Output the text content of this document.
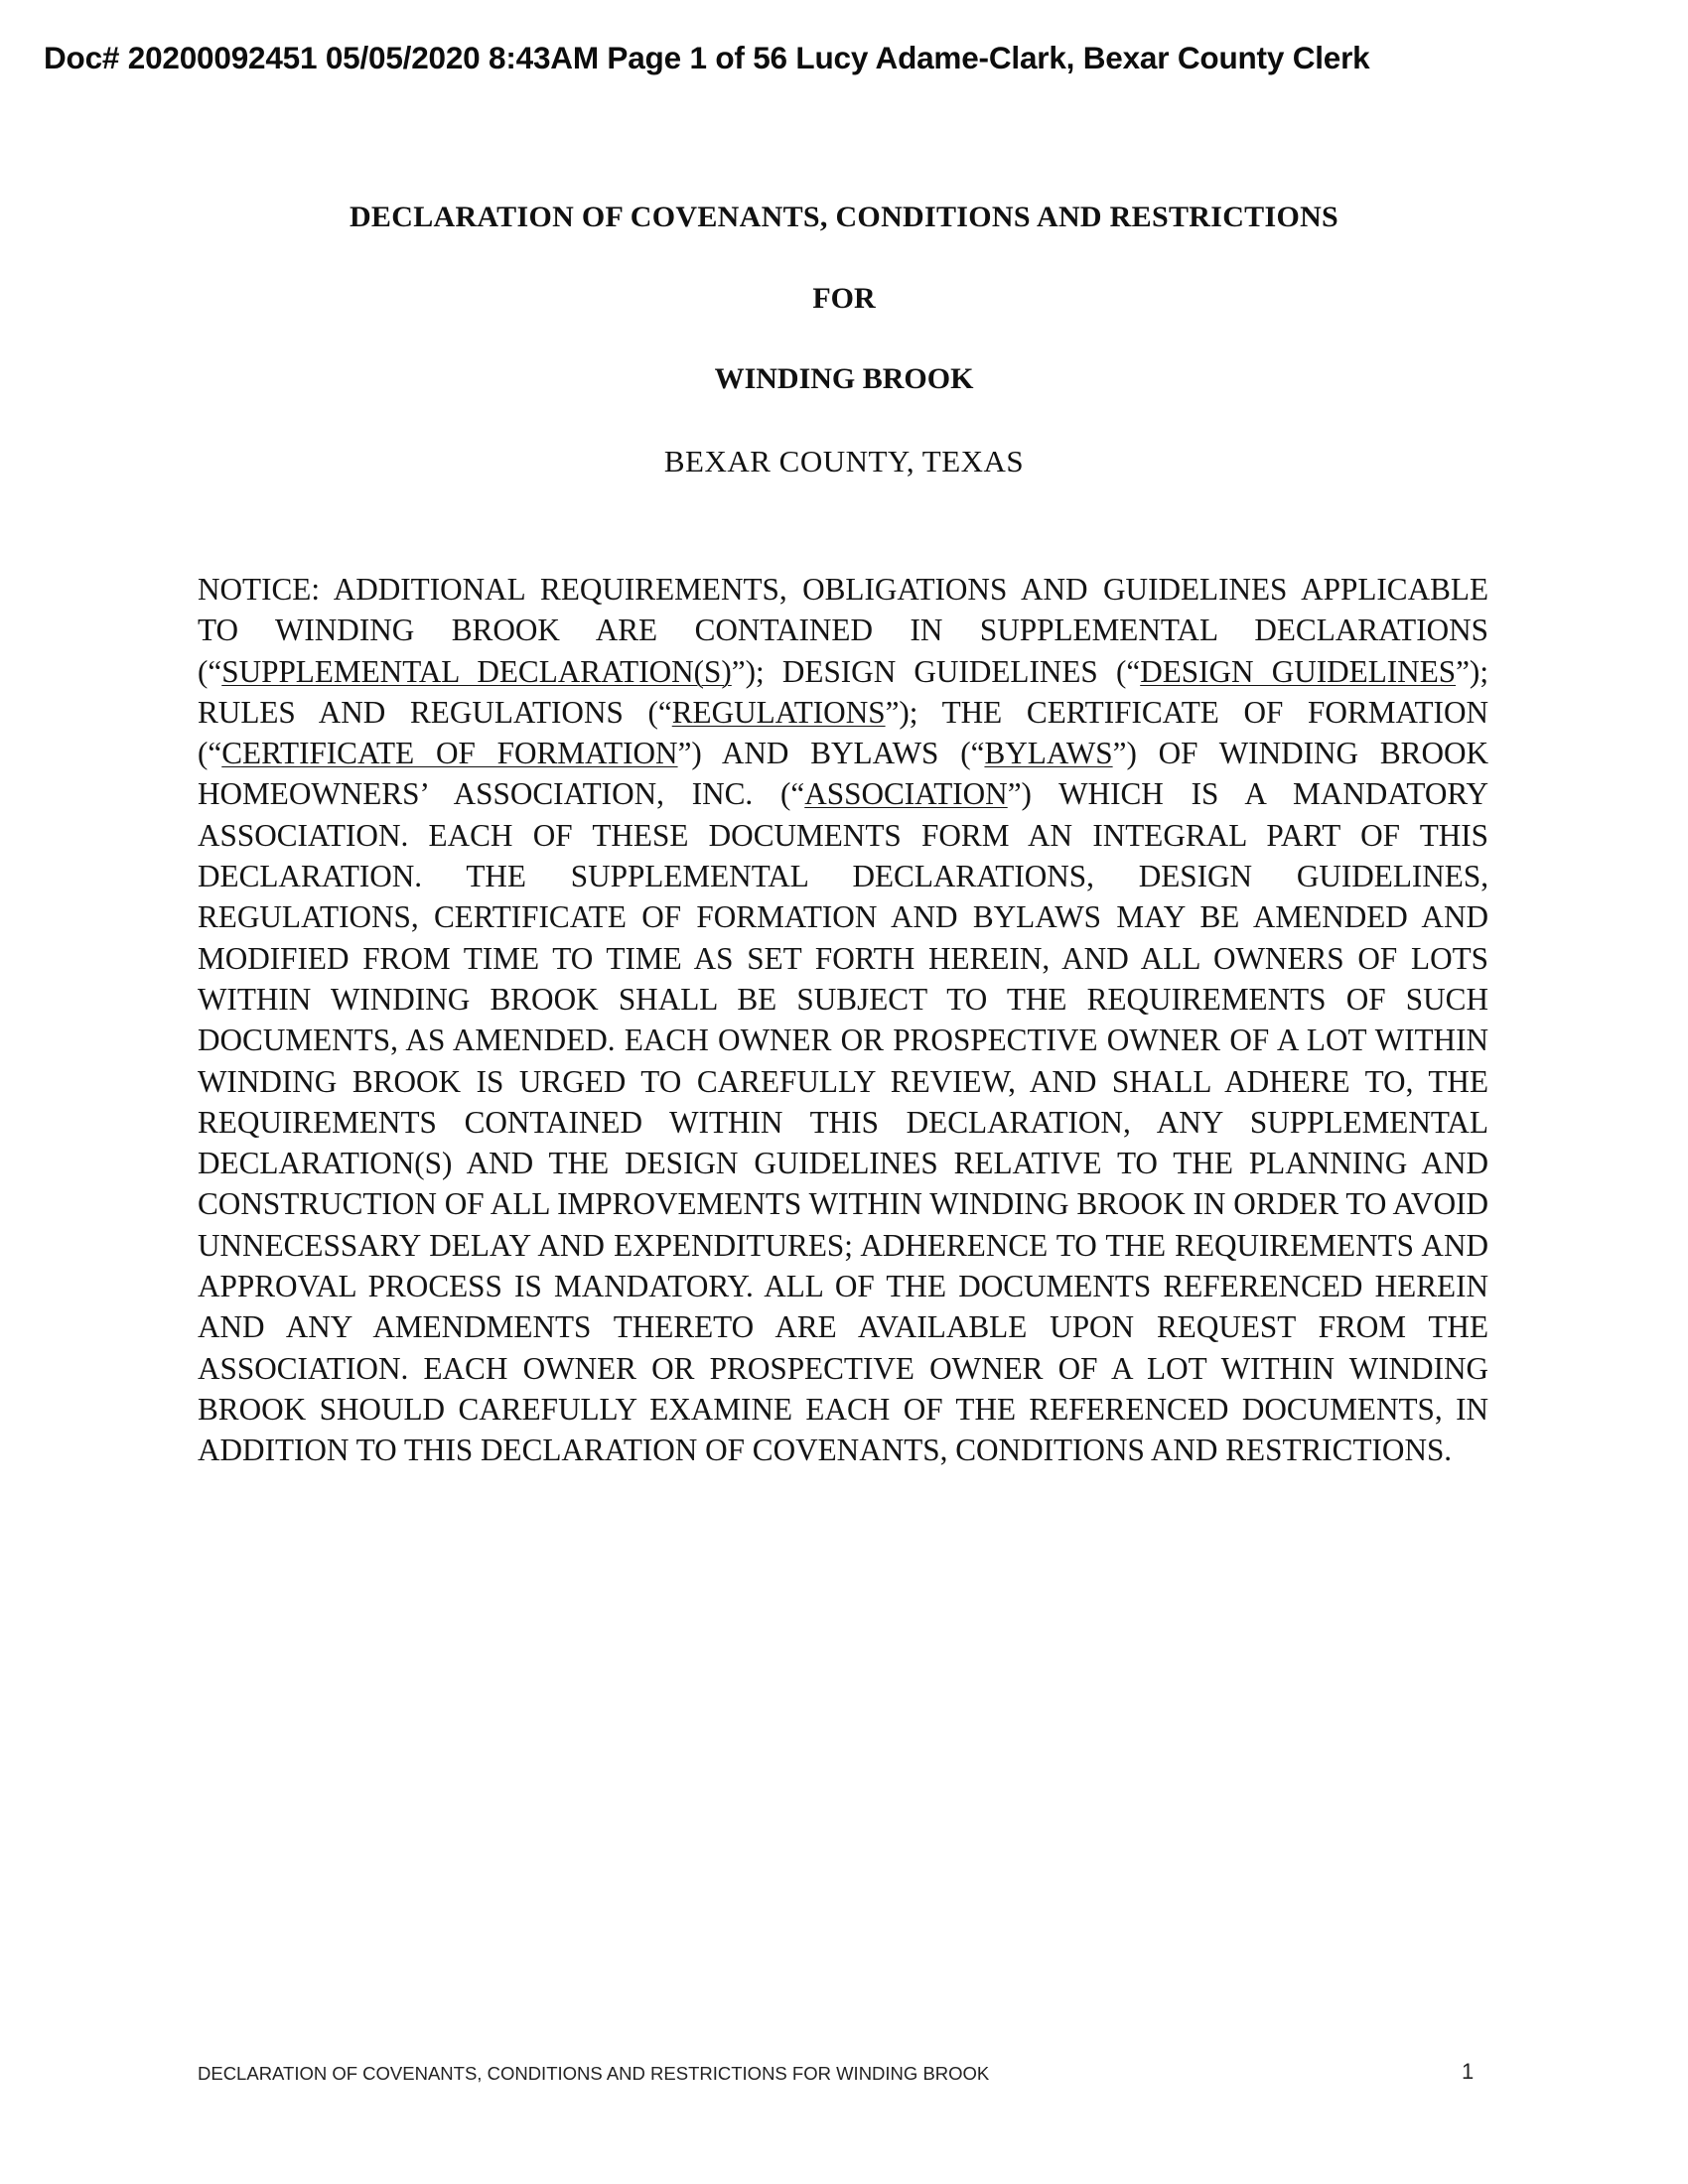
Doc# 20200092451 05/05/2020 8:43AM Page 1 of 56 Lucy Adame-Clark, Bexar County Clerk
DECLARATION OF COVENANTS, CONDITIONS AND RESTRICTIONS
FOR
WINDING BROOK
BEXAR COUNTY, TEXAS
NOTICE: ADDITIONAL REQUIREMENTS, OBLIGATIONS AND GUIDELINES APPLICABLE TO WINDING BROOK ARE CONTAINED IN SUPPLEMENTAL DECLARATIONS (“SUPPLEMENTAL DECLARATION(S)”); DESIGN GUIDELINES (“DESIGN GUIDELINES”); RULES AND REGULATIONS (“REGULATIONS”); THE CERTIFICATE OF FORMATION (“CERTIFICATE OF FORMATION”) AND BYLAWS (“BYLAWS”) OF WINDING BROOK HOMEOWNERS’ ASSOCIATION, INC. (“ASSOCIATION”) WHICH IS A MANDATORY ASSOCIATION. EACH OF THESE DOCUMENTS FORM AN INTEGRAL PART OF THIS DECLARATION. THE SUPPLEMENTAL DECLARATIONS, DESIGN GUIDELINES, REGULATIONS, CERTIFICATE OF FORMATION AND BYLAWS MAY BE AMENDED AND MODIFIED FROM TIME TO TIME AS SET FORTH HEREIN, AND ALL OWNERS OF LOTS WITHIN WINDING BROOK SHALL BE SUBJECT TO THE REQUIREMENTS OF SUCH DOCUMENTS, AS AMENDED. EACH OWNER OR PROSPECTIVE OWNER OF A LOT WITHIN WINDING BROOK IS URGED TO CAREFULLY REVIEW, AND SHALL ADHERE TO, THE REQUIREMENTS CONTAINED WITHIN THIS DECLARATION, ANY SUPPLEMENTAL DECLARATION(S) AND THE DESIGN GUIDELINES RELATIVE TO THE PLANNING AND CONSTRUCTION OF ALL IMPROVEMENTS WITHIN WINDING BROOK IN ORDER TO AVOID UNNECESSARY DELAY AND EXPENDITURES; ADHERENCE TO THE REQUIREMENTS AND APPROVAL PROCESS IS MANDATORY. ALL OF THE DOCUMENTS REFERENCED HEREIN AND ANY AMENDMENTS THERETO ARE AVAILABLE UPON REQUEST FROM THE ASSOCIATION. EACH OWNER OR PROSPECTIVE OWNER OF A LOT WITHIN WINDING BROOK SHOULD CAREFULLY EXAMINE EACH OF THE REFERENCED DOCUMENTS, IN ADDITION TO THIS DECLARATION OF COVENANTS, CONDITIONS AND RESTRICTIONS.
DECLARATION OF COVENANTS, CONDITIONS AND RESTRICTIONS FOR WINDING BROOK	1
